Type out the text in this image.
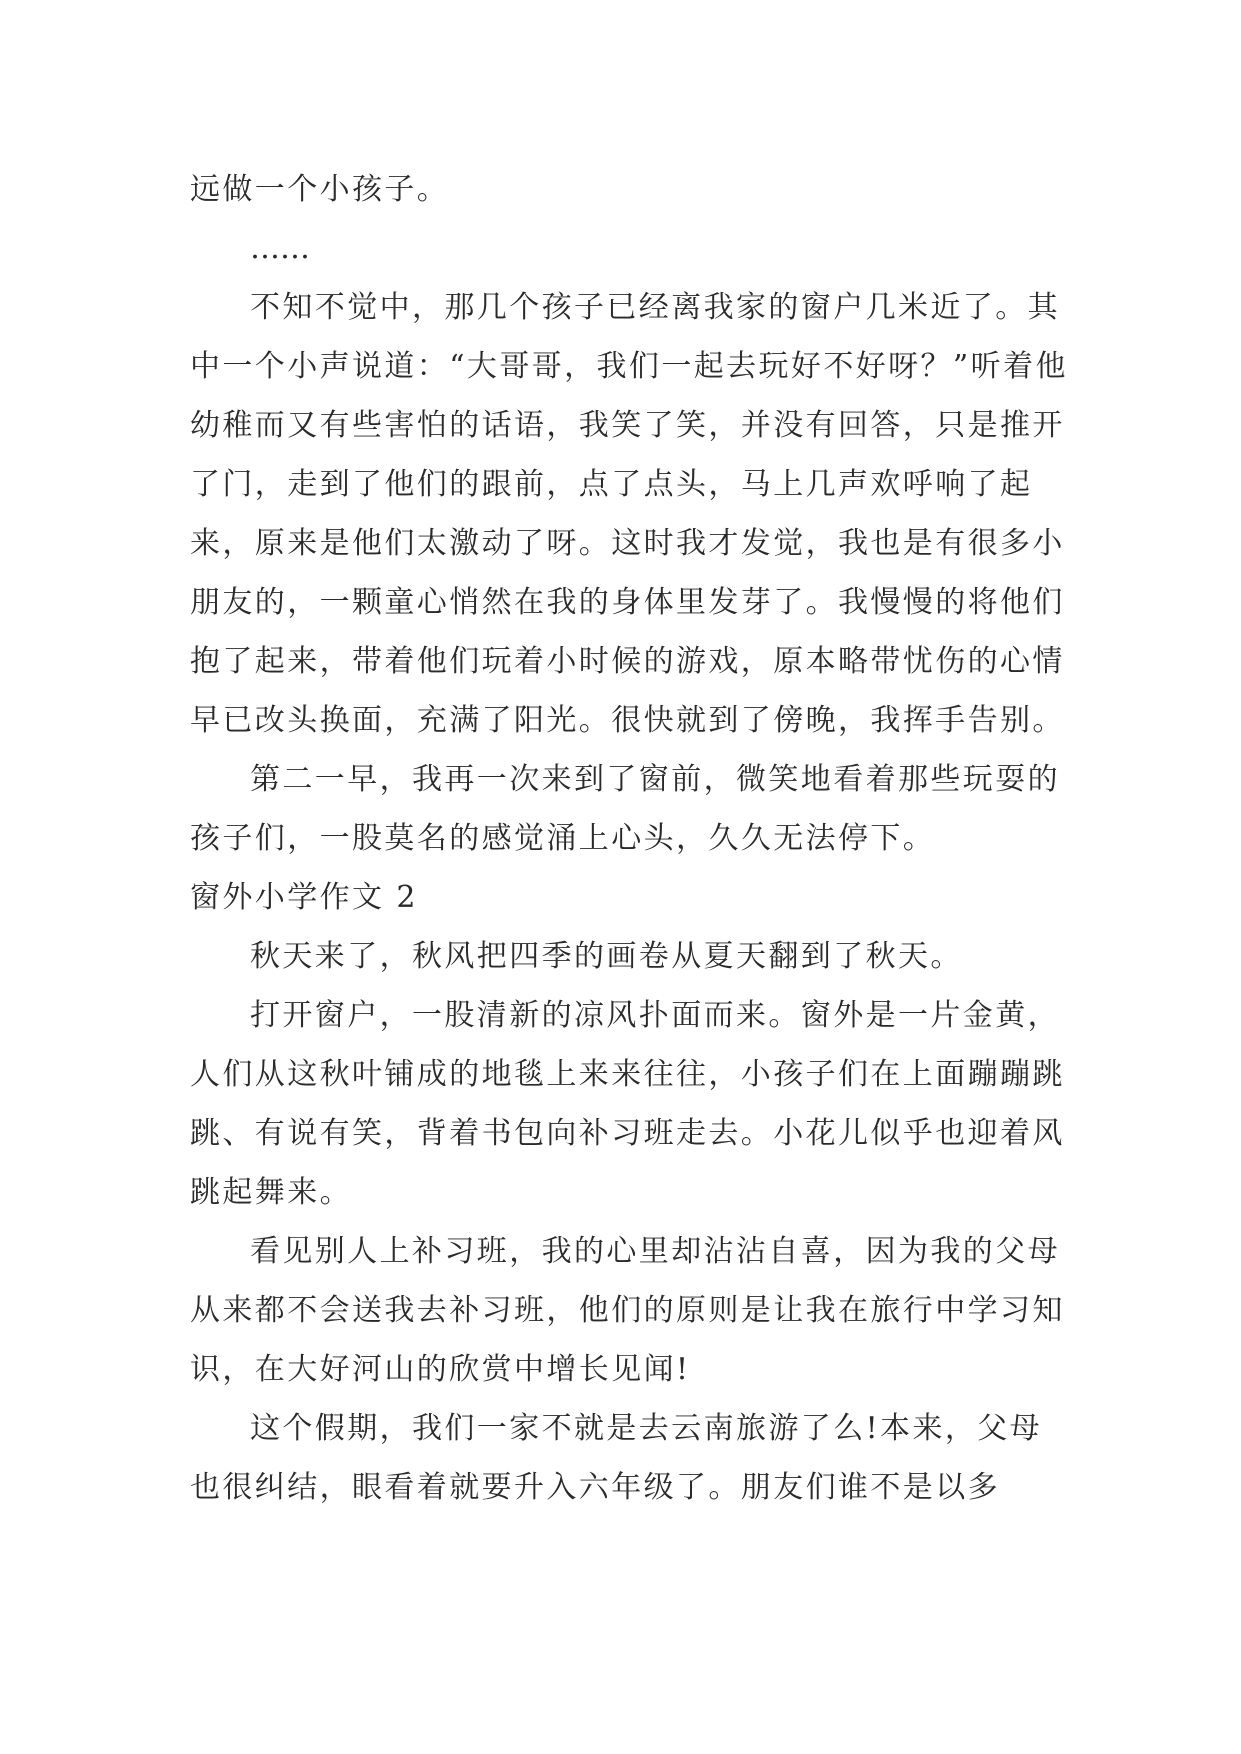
远做一个小孩子。

……

不知不觉中，那几个孩子已经离我家的窗户几米近了。其中一个小声说道：“大哥哥，我们一起去玩好不好呀？”听着他幼稚而又有些害怕的话语，我笑了笑，并没有回答，只是推开了门，走到了他们的跟前，点了点头，马上几声欢呼响了起来，原来是他们太激动了呀。这时我才发觉，我也是有很多小朋友的，一颗童心悄然在我的身体里发芽了。我慢慢的将他们抱了起来，带着他们玩着小时候的游戏，原本略带忧伤的心情早已改头换面，充满了阳光。很快就到了傍晚，我挥手告别。

第二一早，我再一次来到了窗前，微笑地看着那些玩耍的孩子们，一股莫名的感觉涌上心头，久久无法停下。

窗外小学作文 2

秋天来了，秋风把四季的画卷从夏天翻到了秋天。

打开窗户，一股清新的凉风扑面而来。窗外是一片金黄，人们从这秋叶铺成的地毯上来来往往，小孩子们在上面蹦蹦跳跳、有说有笑，背着书包向补习班走去。小花儿似乎也迎着风跳起舞来。

看见别人上补习班，我的心里却沾沾自喜，因为我的父母从来都不会送我去补习班，他们的原则是让我在旅行中学习知识，在大好河山的欣赏中增长见闻!

这个假期，我们一家不就是去云南旅游了么!本来，父母也很纠结，眼看着就要升入六年级了。朋友们谁不是以多
